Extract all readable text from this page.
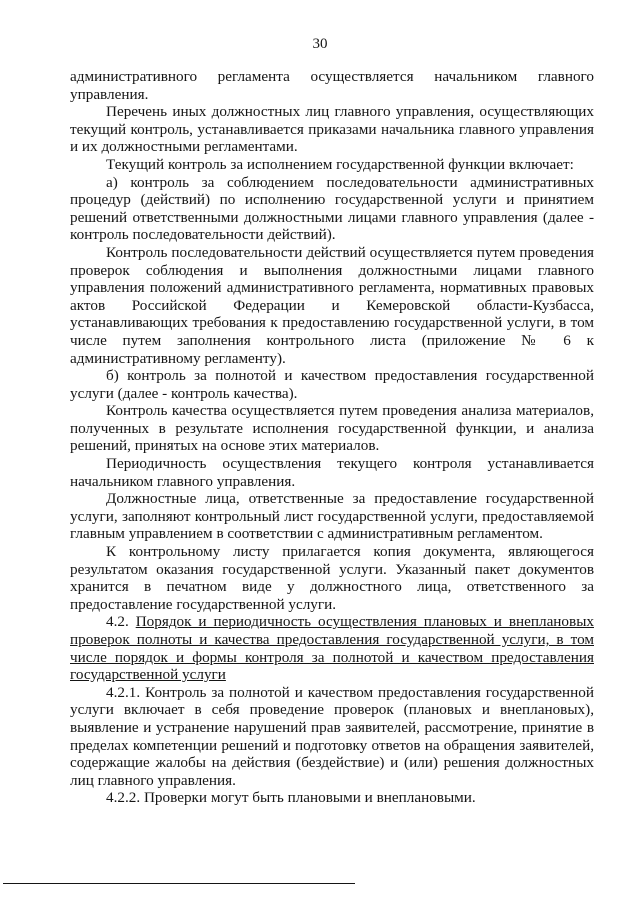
30

административного регламента осуществляется начальником главного управления.

Перечень иных должностных лиц главного управления, осуществляющих текущий контроль, устанавливается приказами начальника главного управления и их должностными регламентами.

Текущий контроль за исполнением государственной функции включает:

а) контроль за соблюдением последовательности административных процедур (действий) по исполнению государственной услуги и принятием решений ответственными должностными лицами главного управления (далее - контроль последовательности действий).

Контроль последовательности действий осуществляется путем проведения проверок соблюдения и выполнения должностными лицами главного управления положений административного регламента, нормативных правовых актов Российской Федерации и Кемеровской области-Кузбасса, устанавливающих требования к предоставлению государственной услуги, в том числе путем заполнения контрольного листа (приложение № 6 к административному регламенту).

б) контроль за полнотой и качеством предоставления государственной услуги (далее - контроль качества).

Контроль качества осуществляется путем проведения анализа материалов, полученных в результате исполнения государственной функции, и анализа решений, принятых на основе этих материалов.

Периодичность осуществления текущего контроля устанавливается начальником главного управления.

Должностные лица, ответственные за предоставление государственной услуги, заполняют контрольный лист государственной услуги, предоставляемой главным управлением в соответствии с административным регламентом.

К контрольному листу прилагается копия документа, являющегося результатом оказания государственной услуги. Указанный пакет документов хранится в печатном виде у должностного лица, ответственного за предоставление государственной услуги.

4.2. Порядок и периодичность осуществления плановых и внеплановых проверок полноты и качества предоставления государственной услуги, в том числе порядок и формы контроля за полнотой и качеством предоставления государственной услуги

4.2.1. Контроль за полнотой и качеством предоставления государственной услуги включает в себя проведение проверок (плановых и внеплановых), выявление и устранение нарушений прав заявителей, рассмотрение, принятие в пределах компетенции решений и подготовку ответов на обращения заявителей, содержащие жалобы на действия (бездействие) и (или) решения должностных лиц главного управления.

4.2.2. Проверки могут быть плановыми и внеплановыми.
